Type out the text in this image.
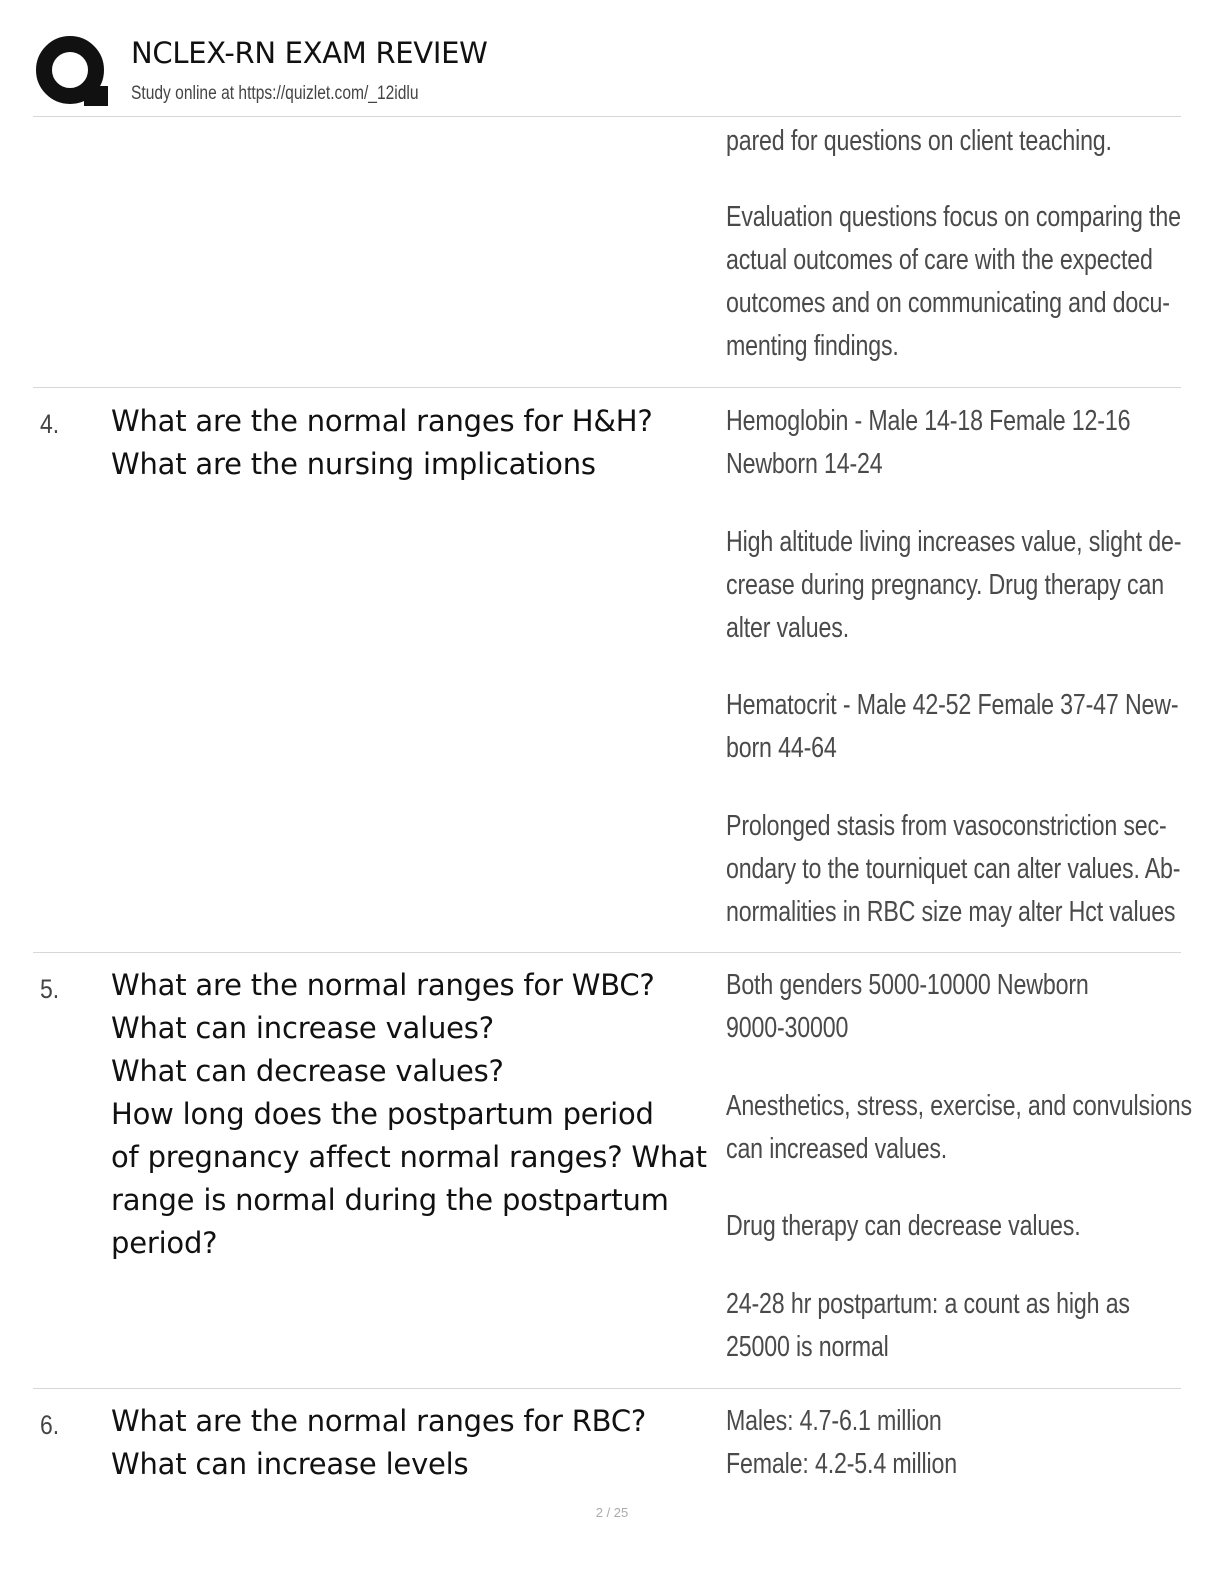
NCLEX-RN EXAM REVIEW
Study online at https://quizlet.com/_12idlu
pared for questions on client teaching.
Evaluation questions focus on comparing the
actual outcomes of care with the expected
outcomes and on communicating and docu-
menting findings.
4. What are the normal ranges for H&H?
What are the nursing implications
Hemoglobin - Male 14-18 Female 12-16
Newborn 14-24
High altitude living increases value, slight de-
crease during pregnancy. Drug therapy can
alter values.
Hematocrit - Male 42-52 Female 37-47 New-
born 44-64
Prolonged stasis from vasoconstriction sec-
ondary to the tourniquet can alter values. Ab-
normalities in RBC size may alter Hct values
5. What are the normal ranges for WBC?
What can increase values?
What can decrease values?
How long does the postpartum period
of pregnancy affect normal ranges? What
range is normal during the postpartum
period?
Both genders 5000-10000 Newborn
9000-30000
Anesthetics, stress, exercise, and convulsions
can increased values.
Drug therapy can decrease values.
24-28 hr postpartum: a count as high as
25000 is normal
6. What are the normal ranges for RBC?
What can increase levels
Males: 4.7-6.1 million
Female: 4.2-5.4 million
2 / 25
